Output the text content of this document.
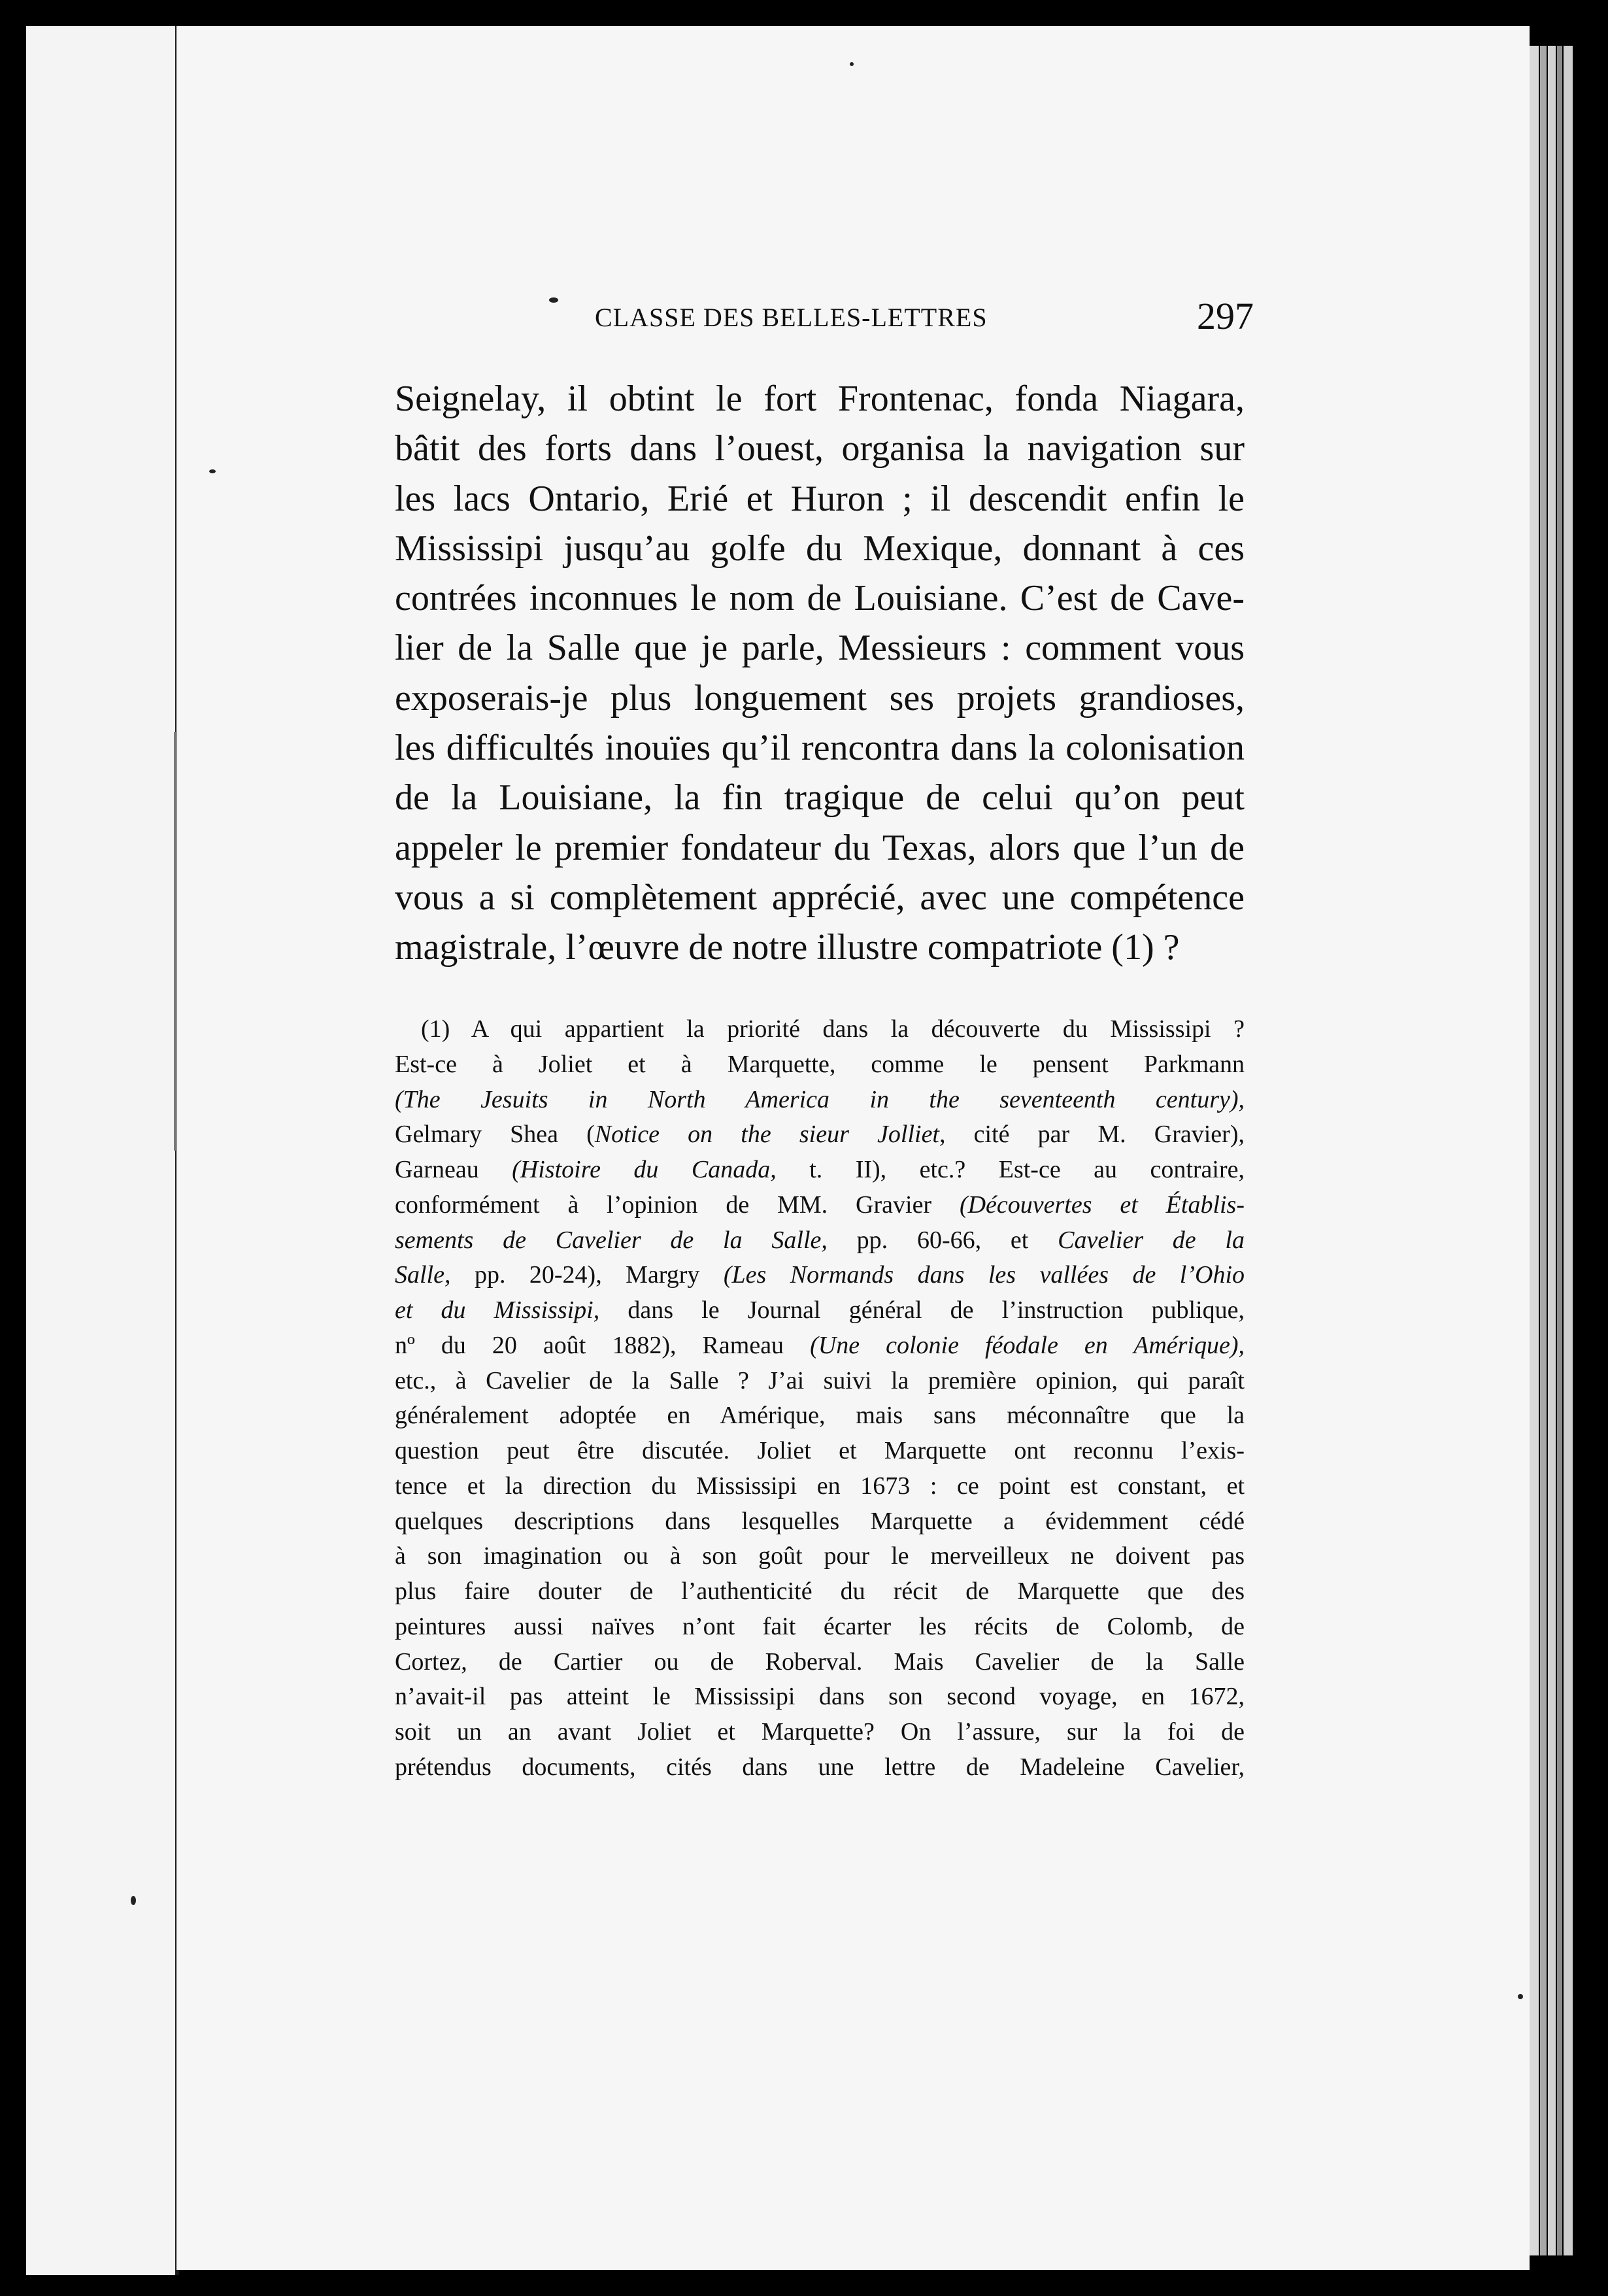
CLASSE DES BELLES-LETTRES	297
Seignelay, il obtint le fort Frontenac, fonda Niagara,
bâtit des forts dans l’ouest, organisa la navigation sur
les lacs Ontario, Erié et Huron ; il descendit enfin le
Mississipi jusqu’au golfe du Mexique, donnant à ces
contrées inconnues le nom de Louisiane. C’est de Cave-
lier de la Salle que je parle, Messieurs : comment vous
exposerais-je plus longuement ses projets grandioses,
les difficultés inouïes qu’il rencontra dans la colonisation
de la Louisiane, la fin tragique de celui qu’on peut
appeler le premier fondateur du Texas, alors que l’un de
vous a si complètement apprécié, avec une compétence
magistrale, l’œuvre de notre illustre compatriote (1) ?
(1) A qui appartient la priorité dans la découverte du Mississipi ?
Est-ce à Joliet et à Marquette, comme le pensent Parkmann
(The Jesuits in North America in the seventeenth century),
Gelmary Shea (Notice on the sieur Jolliet, cité par M. Gravier),
Garneau (Histoire du Canada, t. II), etc.? Est-ce au contraire,
conformément à l’opinion de MM. Gravier (Découvertes et Établis-
sements de Cavelier de la Salle, pp. 60-66, et Cavelier de la
Salle, pp. 20-24), Margry (Les Normands dans les vallées de l’Ohio
et du Mississipi, dans le Journal général de l’instruction publique,
nº du 20 août 1882), Rameau (Une colonie féodale en Amérique),
etc., à Cavelier de la Salle ? J’ai suivi la première opinion, qui paraît
généralement adoptée en Amérique, mais sans méconnaître que la
question peut être discutée. Joliet et Marquette ont reconnu l’exis-
tence et la direction du Mississipi en 1673 : ce point est constant, et
quelques descriptions dans lesquelles Marquette a évidemment cédé
à son imagination ou à son goût pour le merveilleux ne doivent pas
plus faire douter de l’authenticité du récit de Marquette que des
peintures aussi naïves n’ont fait écarter les récits de Colomb, de
Cortez, de Cartier ou de Roberval. Mais Cavelier de la Salle
n’avait-il pas atteint le Mississipi dans son second voyage, en 1672,
soit un an avant Joliet et Marquette? On l’assure, sur la foi de
prétendus documents, cités dans une lettre de Madeleine Cavelier,
